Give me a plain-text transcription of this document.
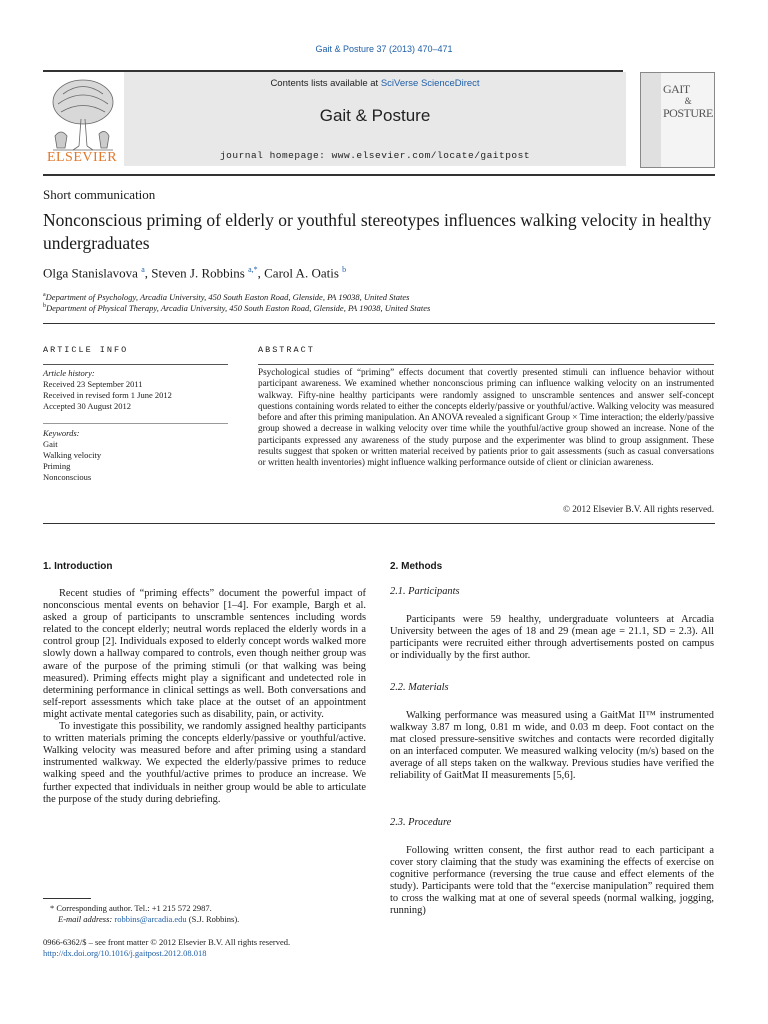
Gait & Posture 37 (2013) 470–471
ELSEVIER
Contents lists available at SciVerse ScienceDirect
Gait & Posture
journal homepage: www.elsevier.com/locate/gaitpost
GAIT
&
POSTURE
Short communication
Nonconscious priming of elderly or youthful stereotypes influences walking velocity in healthy undergraduates
Olga Stanislavova $^a$, Steven J. Robbins $^{a,*}$, Carol A. Oatis $^b$
$^a$Department of Psychology, Arcadia University, 450 South Easton Road, Glenside, PA 19038, United States
$^b$Department of Physical Therapy, Arcadia University, 450 South Easton Road, Glenside, PA 19038, United States
ARTICLE INFO
Article history:
Received 23 September 2011
Received in revised form 1 June 2012
Accepted 30 August 2012
Keywords:
Gait
Walking velocity
Priming
Nonconscious
ABSTRACT
Psychological studies of “priming” effects document that covertly presented stimuli can influence behavior without participant awareness. We examined whether nonconscious priming can influence walking velocity on an instrumented walkway. Fifty-nine healthy participants were randomly assigned to unscramble sentences and answer self-concept questions containing words related to either the concepts elderly/passive or youthful/active. Walking velocity was measured before and after this priming manipulation. An ANOVA revealed a significant Group × Time interaction; the elderly/passive group showed a decrease in walking velocity over time while the youthful/active group showed an increase. None of the participants expressed any awareness of the study purpose and the experimenter was blind to group assignment. These results suggest that spoken or written material received by patients prior to gait assessments (such as casual conversations or written health inventories) might influence walking performance outside of client or clinician awareness.
© 2012 Elsevier B.V. All rights reserved.
1. Introduction

Recent studies of “priming effects” document the powerful impact of nonconscious mental events on behavior [1–4]. For example, Bargh et al. asked a group of participants to unscramble sentences including words related to the concept elderly; neutral words replaced the elderly words in a control group [2]. Individuals exposed to elderly concept words walked more slowly down a hallway compared to controls, even though neither group was aware of the purpose of the priming stimuli (or that walking was being measured). Priming effects might play a significant and undetected role in determining performance in clinical settings as well. Both conversations and self-report assessments which take place at the outset of an appointment might activate mental categories such as disability, pain, or activity.

To investigate this possibility, we randomly assigned healthy participants to written materials priming the concepts elderly/passive or youthful/active. Walking velocity was measured before and after priming using a standard instrumented walkway. We expected the elderly/passive primes to reduce walking speed and the youthful/active primes to produce an increase. We further expected that individuals in neither group would be able to articulate the purpose of the study during debriefing.

* Corresponding author. Tel.: +1 215 572 2987.
E-mail address: robbins@arcadia.edu (S.J. Robbins).
0966-6362/$ – see front matter © 2012 Elsevier B.V. All rights reserved.
http://dx.doi.org/10.1016/j.gaitpost.2012.08.018
2. Methods
2.1. Participants

Participants were 59 healthy, undergraduate volunteers at Arcadia University between the ages of 18 and 29 (mean age = 21.1, SD = 2.3). All participants were recruited either through advertisements posted on campus or individually by the first author.

2.2. Materials

Walking performance was measured using a GaitMat II™ instrumented walkway 3.87 m long, 0.81 m wide, and 0.03 m deep. Foot contact on the mat closed pressure-sensitive switches and contacts were recorded digitally on an interfaced computer. We measured walking velocity (m/s) based on the average of all steps taken on the walkway. Previous studies have verified the reliability of GaitMat II measurements [5,6].

2.3. Procedure

Following written consent, the first author read to each participant a cover story claiming that the study was examining the effects of exercise on cognitive performance (reversing the true cause and effect elements of the study). Participants were told that the “exercise manipulation” required them to cross the walking mat at one of several speeds (normal walking, jogging, running)
